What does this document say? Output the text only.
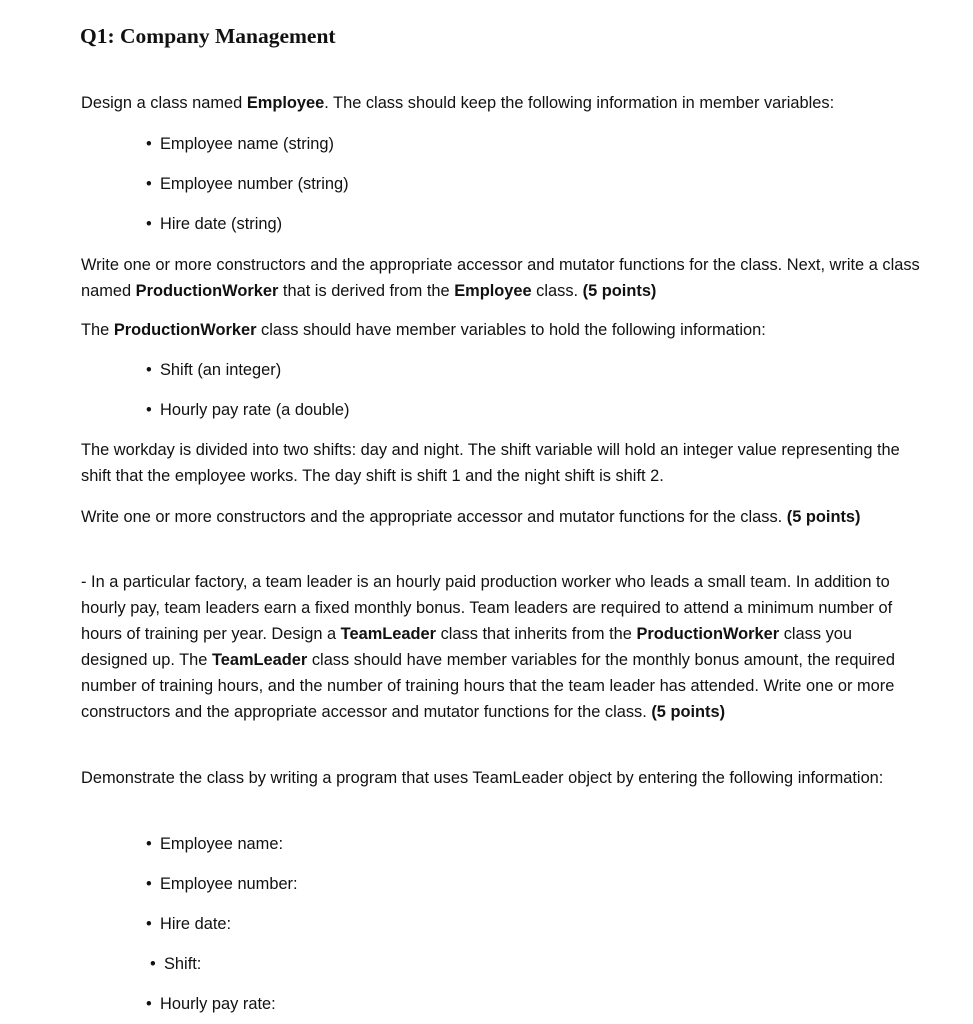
Q1: Company Management

Design a class named Employee. The class should keep the following information in member variables:

• Employee name (string)

• Employee number (string)

• Hire date (string)

Write one or more constructors and the appropriate accessor and mutator functions for the class. Next, write a class named ProductionWorker that is derived from the Employee class. (5 points)

The ProductionWorker class should have member variables to hold the following information:

• Shift (an integer)

• Hourly pay rate (a double)

The workday is divided into two shifts: day and night. The shift variable will hold an integer value representing the shift that the employee works. The day shift is shift 1 and the night shift is shift 2.

Write one or more constructors and the appropriate accessor and mutator functions for the class. (5 points)

- In a particular factory, a team leader is an hourly paid production worker who leads a small team. In addition to hourly pay, team leaders earn a fixed monthly bonus. Team leaders are required to attend a minimum number of hours of training per year. Design a TeamLeader class that inherits from the ProductionWorker class you designed up. The TeamLeader class should have member variables for the monthly bonus amount, the required number of training hours, and the number of training hours that the team leader has attended. Write one or more constructors and the appropriate accessor and mutator functions for the class. (5 points)

Demonstrate the class by writing a program that uses TeamLeader object by entering the following information:

• Employee name:

• Employee number:

• Hire date:

• Shift:

• Hourly pay rate:
